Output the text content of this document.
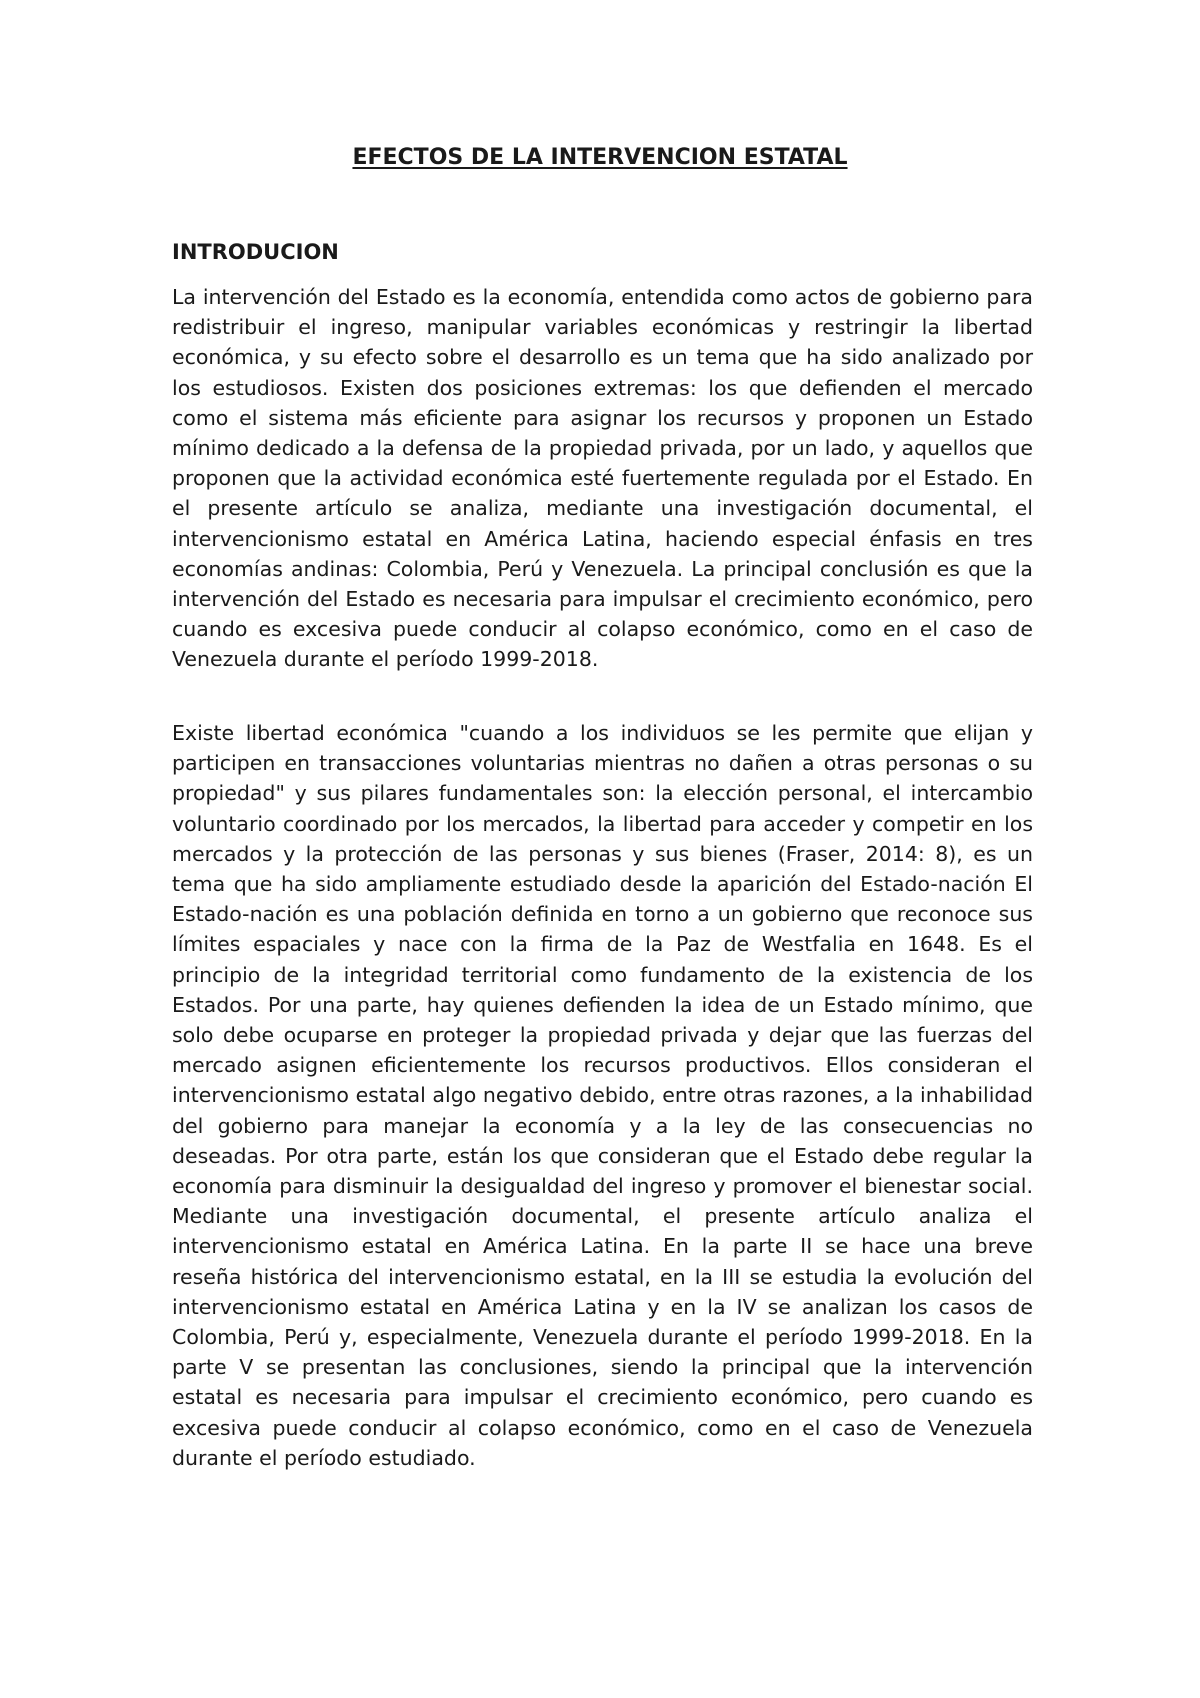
EFECTOS DE LA INTERVENCION ESTATAL
INTRODUCION

La intervención del Estado es la economía, entendida como actos de gobierno para redistribuir el ingreso, manipular variables económicas y restringir la libertad económica, y su efecto sobre el desarrollo es un tema que ha sido analizado por los estudiosos. Existen dos posiciones extremas: los que defienden el mercado como el sistema más eficiente para asignar los recursos y proponen un Estado mínimo dedicado a la defensa de la propiedad privada, por un lado, y aquellos que proponen que la actividad económica esté fuertemente regulada por el Estado. En el presente artículo se analiza, mediante una investigación documental, el intervencionismo estatal en América Latina, haciendo especial énfasis en tres economías andinas: Colombia, Perú y Venezuela. La principal conclusión es que la intervención del Estado es necesaria para impulsar el crecimiento económico, pero cuando es excesiva puede conducir al colapso económico, como en el caso de Venezuela durante el período 1999-2018.

Existe libertad económica "cuando a los individuos se les permite que elijan y participen en transacciones voluntarias mientras no dañen a otras personas o su propiedad" y sus pilares fundamentales son: la elección personal, el intercambio voluntario coordinado por los mercados, la libertad para acceder y competir en los mercados y la protección de las personas y sus bienes (Fraser, 2014: 8), es un tema que ha sido ampliamente estudiado desde la aparición del Estado-nación El Estado-nación es una población definida en torno a un gobierno que reconoce sus límites espaciales y nace con la firma de la Paz de Westfalia en 1648. Es el principio de la integridad territorial como fundamento de la existencia de los Estados. Por una parte, hay quienes defienden la idea de un Estado mínimo, que solo debe ocuparse en proteger la propiedad privada y dejar que las fuerzas del mercado asignen eficientemente los recursos productivos. Ellos consideran el intervencionismo estatal algo negativo debido, entre otras razones, a la inhabilidad del gobierno para manejar la economía y a la ley de las consecuencias no deseadas. Por otra parte, están los que consideran que el Estado debe regular la economía para disminuir la desigualdad del ingreso y promover el bienestar social. Mediante una investigación documental, el presente artículo analiza el intervencionismo estatal en América Latina. En la parte II se hace una breve reseña histórica del intervencionismo estatal, en la III se estudia la evolución del intervencionismo estatal en América Latina y en la IV se analizan los casos de Colombia, Perú y, especialmente, Venezuela durante el período 1999-2018. En la parte V se presentan las conclusiones, siendo la principal que la intervención estatal es necesaria para impulsar el crecimiento económico, pero cuando es excesiva puede conducir al colapso económico, como en el caso de Venezuela durante el período estudiado.
